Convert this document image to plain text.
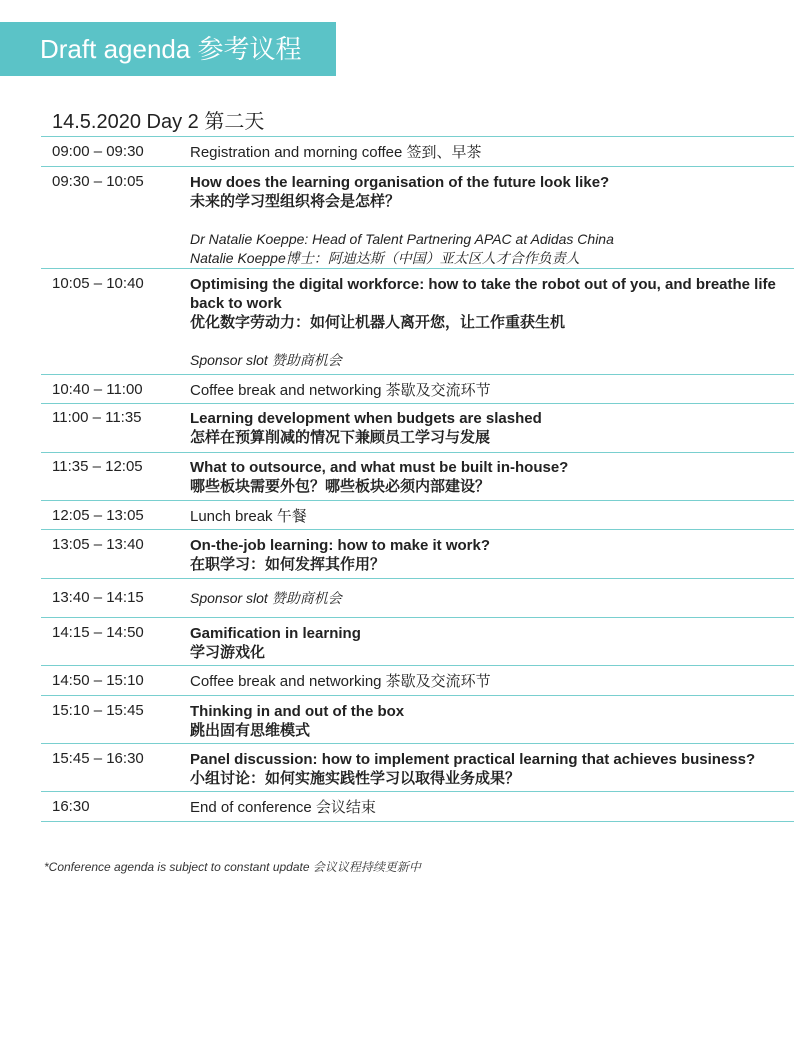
Draft agenda 参考议程
14.5.2020 Day 2 第二天
09:00 – 09:30	Registration and morning coffee 签到、早茶
09:30 – 10:05	How does the learning organisation of the future look like?
未来的学习型组织将会是怎样？
Dr Natalie Koeppe: Head of Talent Partnering APAC at Adidas China
Natalie Koeppe博士：阿迪达斯（中国）亚太区人才合作负责人
10:05 – 10:40	Optimising the digital workforce: how to take the robot out of you, and breathe life back to work
优化数字劳动力：如何让机器人离开您，让工作重获生机
Sponsor slot 赞助商机会
10:40 – 11:00	Coffee break and networking 茶歇及交流环节
11:00 – 11:35	Learning development when budgets are slashed
怎样在预算削减的情况下兼顾员工学习与发展
11:35 – 12:05	What to outsource, and what must be built in-house?
哪些板块需要外包？哪些板块必须内部建设？
12:05 – 13:05	Lunch break 午餐
13:05 – 13:40	On-the-job learning: how to make it work?
在职学习：如何发挥其作用？
13:40 – 14:15	Sponsor slot 赞助商机会
14:15 – 14:50	Gamification in learning
学习游戏化
14:50 – 15:10	Coffee break and networking 茶歇及交流环节
15:10 – 15:45	Thinking in and out of the box
跳出固有思维模式
15:45 – 16:30	Panel discussion: how to implement practical learning that achieves business?
小组讨论：如何实施实践性学习以取得业务成果？
16:30	End of conference 会议结束
*Conference agenda is subject to constant update 会议议程持续更新中
